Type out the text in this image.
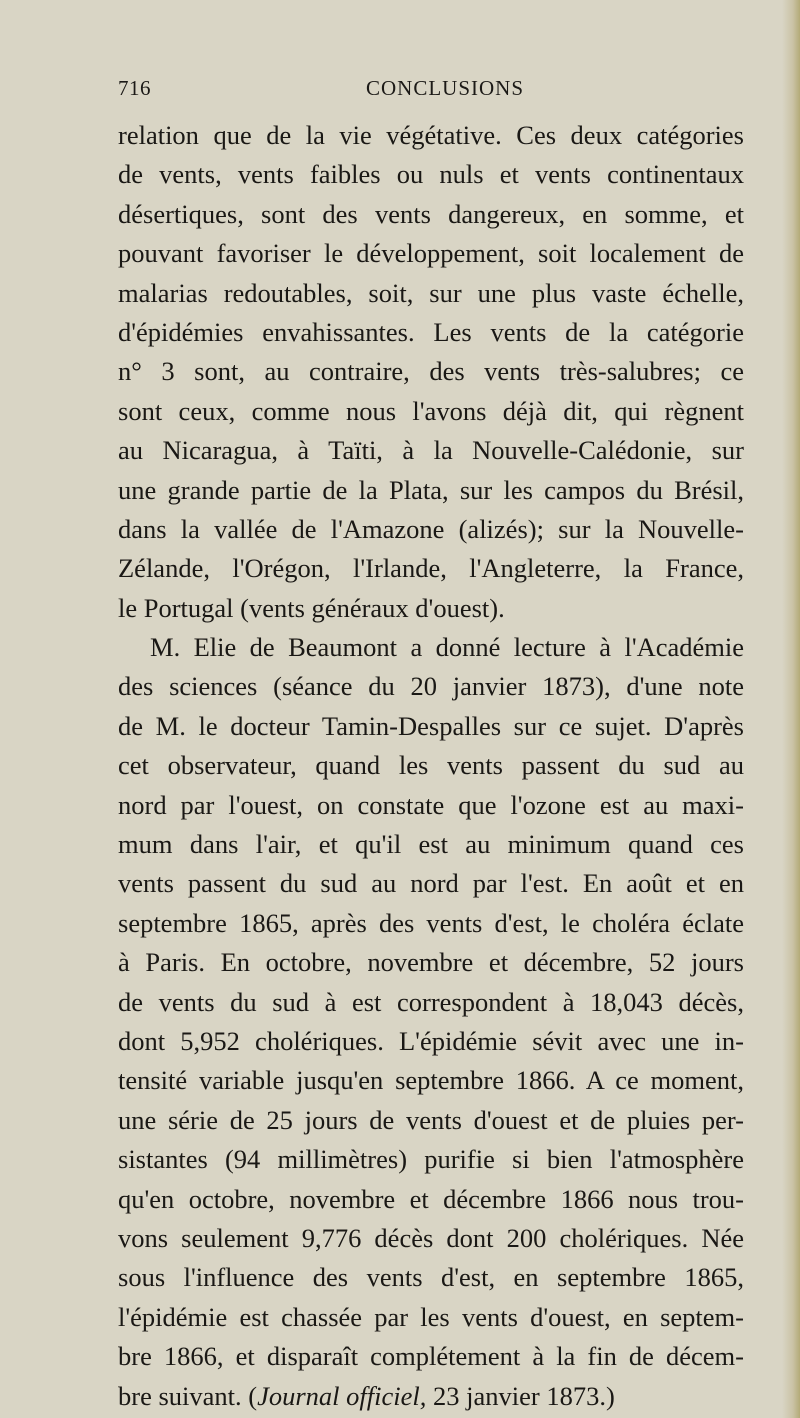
716	CONCLUSIONS
relation que de la vie végétative. Ces deux catégories
de vents, vents faibles ou nuls et vents continentaux
désertiques, sont des vents dangereux, en somme, et
pouvant favoriser le développement, soit localement de
malarias redoutables, soit, sur une plus vaste échelle,
d'épidémies envahissantes. Les vents de la catégorie
n° 3 sont, au contraire, des vents très-salubres; ce
sont ceux, comme nous l'avons déjà dit, qui règnent
au Nicaragua, à Taïti, à la Nouvelle-Calédonie, sur
une grande partie de la Plata, sur les campos du Brésil,
dans la vallée de l'Amazone (alizés); sur la Nouvelle-
Zélande, l'Orégon, l'Irlande, l'Angleterre, la France,
le Portugal (vents généraux d'ouest).
M. Elie de Beaumont a donné lecture à l'Académie
des sciences (séance du 20 janvier 1873), d'une note
de M. le docteur Tamin-Despalles sur ce sujet. D'après
cet observateur, quand les vents passent du sud au
nord par l'ouest, on constate que l'ozone est au maxi-
mum dans l'air, et qu'il est au minimum quand ces
vents passent du sud au nord par l'est. En août et en
septembre 1865, après des vents d'est, le choléra éclate
à Paris. En octobre, novembre et décembre, 52 jours
de vents du sud à est correspondent à 18,043 décès,
dont 5,952 cholériques. L'épidémie sévit avec une in-
tensité variable jusqu'en septembre 1866. A ce moment,
une série de 25 jours de vents d'ouest et de pluies per-
sistantes (94 millimètres) purifie si bien l'atmosphère
qu'en octobre, novembre et décembre 1866 nous trou-
vons seulement 9,776 décès dont 200 cholériques. Née
sous l'influence des vents d'est, en septembre 1865,
l'épidémie est chassée par les vents d'ouest, en septem-
bre 1866, et disparaît complétement à la fin de décem-
bre suivant. (Journal officiel, 23 janvier 1873.)
